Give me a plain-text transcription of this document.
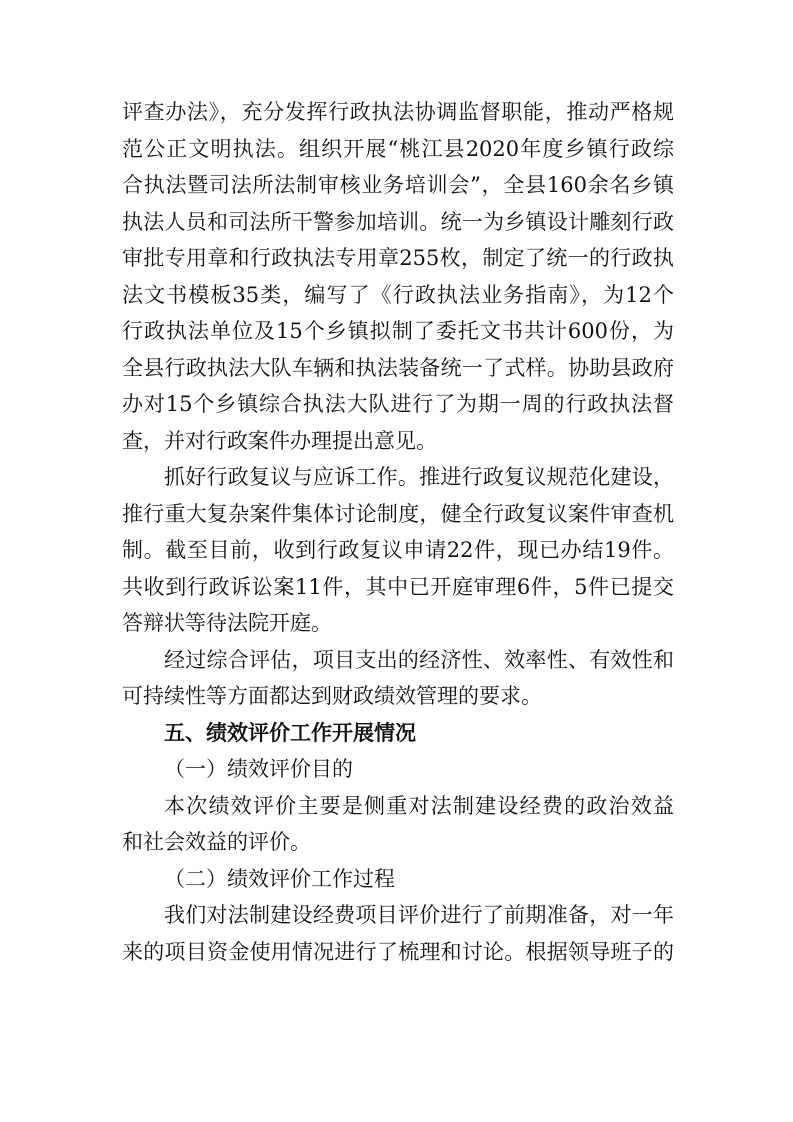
评查办法》，充分发挥行政执法协调监督职能，推动严格规
范公正文明执法。组织开展“桃江县2020年度乡镇行政综
合执法暨司法所法制审核业务培训会”，全县160余名乡镇
执法人员和司法所干警参加培训。统一为乡镇设计雕刻行政
审批专用章和行政执法专用章255枚，制定了统一的行政执
法文书模板35类，编写了《行政执法业务指南》，为12个
行政执法单位及15个乡镇拟制了委托文书共计600份，为
全县行政执法大队车辆和执法装备统一了式样。协助县政府
办对15个乡镇综合执法大队进行了为期一周的行政执法督
查，并对行政案件办理提出意见。
抓好行政复议与应诉工作。推进行政复议规范化建设，
推行重大复杂案件集体讨论制度，健全行政复议案件审查机
制。截至目前，收到行政复议申请22件，现已办结19件。
共收到行政诉讼案11件，其中已开庭审理6件，5件已提交
答辩状等待法院开庭。
经过综合评估，项目支出的经济性、效率性、有效性和
可持续性等方面都达到财政绩效管理的要求。
五、绩效评价工作开展情况
（一）绩效评价目的
本次绩效评价主要是侧重对法制建设经费的政治效益
和社会效益的评价。
（二）绩效评价工作过程
我们对法制建设经费项目评价进行了前期准备，对一年
来的项目资金使用情况进行了梳理和讨论。根据领导班子的
